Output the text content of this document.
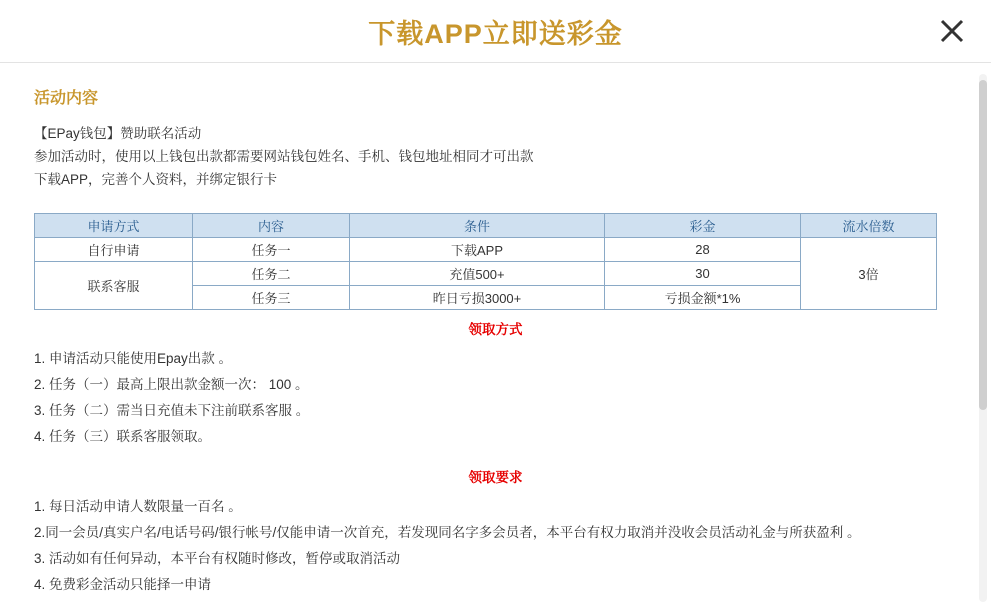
下载APP立即送彩金
活动内容
【EPay钱包】赞助联名活动
参加活动时，使用以上钱包出款都需要网站钱包姓名、手机、钱包地址相同才可出款
下载APP，完善个人资料，并绑定银行卡
申请方式	内容	条件	彩金	流水倍数
自行申请	任务一	下载APP	28	3倍
联系客服	任务二	充值500+	30	
	任务三	昨日亏损3000+	亏损金额*1%	
领取方式
1. 申请活动只能使用Epay出款 。
2. 任务（一）最高上限出款金额一次： 100 。
3. 任务（二）需当日充值未下注前联系客服 。
4. 任务（三）联系客服领取。
领取要求
1. 每日活动申请人数限量一百名 。
2.同一会员/真实户名/电话号码/银行帐号/仅能申请一次首充，若发现同名字多会员者，本平台有权力取消并没收会员活动礼金与所获盈利 。
3. 活动如有任何异动，本平台有权随时修改，暂停或取消活动
4. 免费彩金活动只能择一申请
